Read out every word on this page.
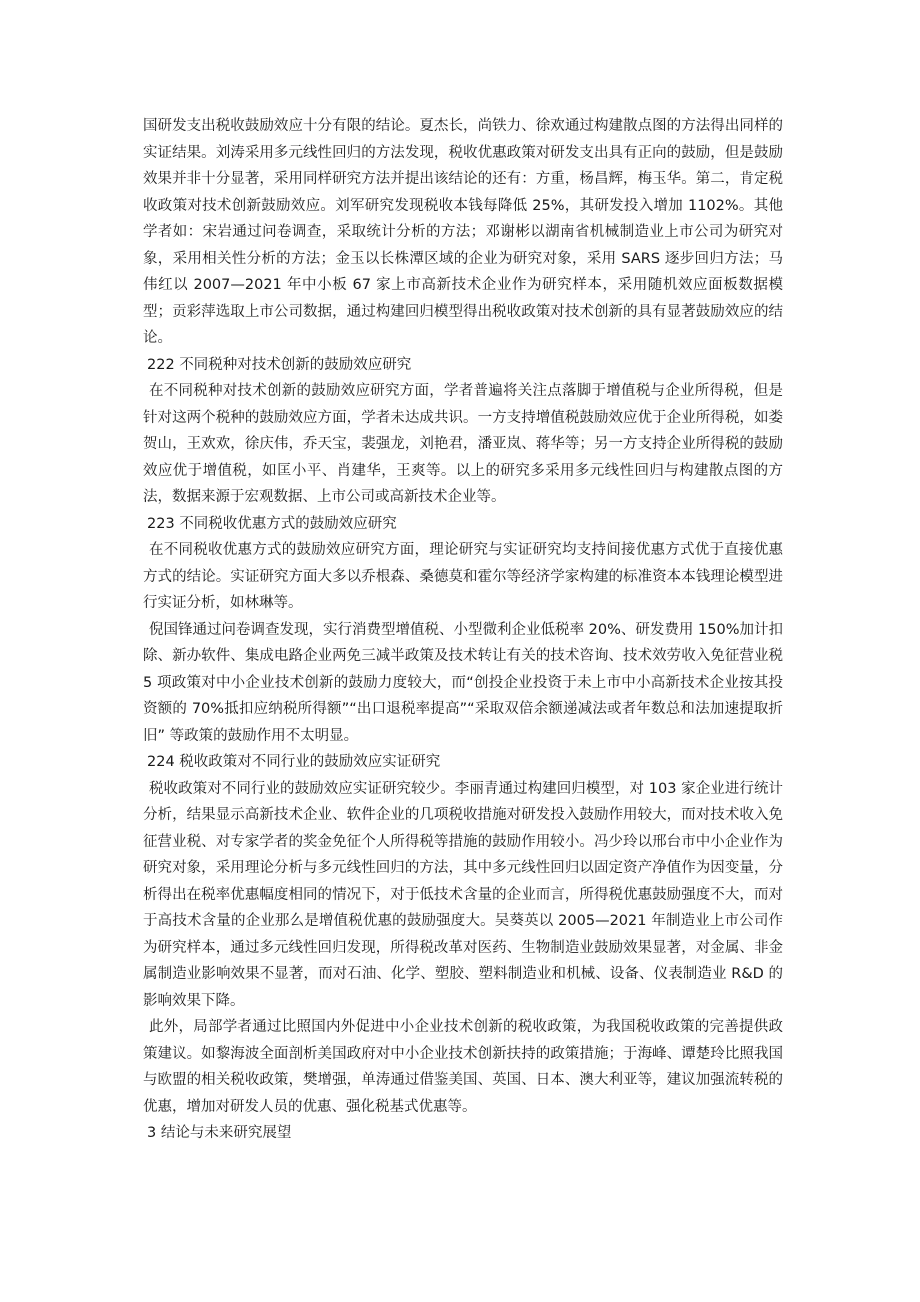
国研发支出税收鼓励效应十分有限的结论。夏杰长，尚铁力、徐欢通过构建散点图的方法得出同样的实证结果。刘涛采用多元线性回归的方法发现，税收优惠政策对研发支出具有正向的鼓励，但是鼓励效果并非十分显著，采用同样研究方法并提出该结论的还有：方重，杨昌辉，梅玉华。第二，肯定税收政策对技术创新鼓励效应。刘军研究发现税收本钱每降低 25%，其研发投入增加 1102%。其他学者如：宋岩通过问卷调查，采取统计分析的方法；邓谢彬以湖南省机械制造业上市公司为研究对象，采用相关性分析的方法；金玉以长株潭区域的企业为研究对象，采用 SARS 逐步回归方法；马伟红以 2007—2021 年中小板 67 家上市高新技术企业作为研究样本，采用随机效应面板数据模型；贡彩萍选取上市公司数据，通过构建回归模型得出税收政策对技术创新的具有显著鼓励效应的结论。

222 不同税种对技术创新的鼓励效应研究

在不同税种对技术创新的鼓励效应研究方面，学者普遍将关注点落脚于增值税与企业所得税，但是针对这两个税种的鼓励效应方面，学者未达成共识。一方支持增值税鼓励效应优于企业所得税，如娄贺山，王欢欢，徐庆伟，乔天宝，裴强龙，刘艳君，潘亚岚、蒋华等；另一方支持企业所得税的鼓励效应优于增值税，如匡小平、肖建华，王爽等。以上的研究多采用多元线性回归与构建散点图的方法，数据来源于宏观数据、上市公司或高新技术企业等。

223 不同税收优惠方式的鼓励效应研究

在不同税收优惠方式的鼓励效应研究方面，理论研究与实证研究均支持间接优惠方式优于直接优惠方式的结论。实证研究方面大多以乔根森、桑德莫和霍尔等经济学家构建的标准资本本钱理论模型进行实证分析，如林琳等。

倪国锋通过问卷调查发现，实行消费型增值税、小型微利企业低税率 20%、研发费用 150%加计扣除、新办软件、集成电路企业两免三减半政策及技术转让有关的技术咨询、技术效劳收入免征营业税 5 项政策对中小企业技术创新的鼓励力度较大，而“创投企业投资于未上市中小高新技术企业按其投资额的 70%抵扣应纳税所得额”“出口退税率提高”“采取双倍余额递减法或者年数总和法加速提取折旧” 等政策的鼓励作用不太明显。

224 税收政策对不同行业的鼓励效应实证研究

税收政策对不同行业的鼓励效应实证研究较少。李丽青通过构建回归模型，对 103 家企业进行统计分析，结果显示高新技术企业、软件企业的几项税收措施对研发投入鼓励作用较大，而对技术收入免征营业税、对专家学者的奖金免征个人所得税等措施的鼓励作用较小。冯少玲以邢台市中小企业作为研究对象，采用理论分析与多元线性回归的方法，其中多元线性回归以固定资产净值作为因变量，分析得出在税率优惠幅度相同的情况下，对于低技术含量的企业而言，所得税优惠鼓励强度不大，而对于高技术含量的企业那么是增值税优惠的鼓励强度大。吴葵英以 2005—2021 年制造业上市公司作为研究样本，通过多元线性回归发现，所得税改革对医药、生物制造业鼓励效果显著，对金属、非金属制造业影响效果不显著，而对石油、化学、塑胶、塑料制造业和机械、设备、仪表制造业 R&D 的影响效果下降。

此外，局部学者通过比照国内外促进中小企业技术创新的税收政策，为我国税收政策的完善提供政策建议。如黎海波全面剖析美国政府对中小企业技术创新扶持的政策措施；于海峰、谭楚玲比照我国与欧盟的相关税收政策，樊增强，单涛通过借鉴美国、英国、日本、澳大利亚等，建议加强流转税的优惠，增加对研发人员的优惠、强化税基式优惠等。

3 结论与未来研究展望
